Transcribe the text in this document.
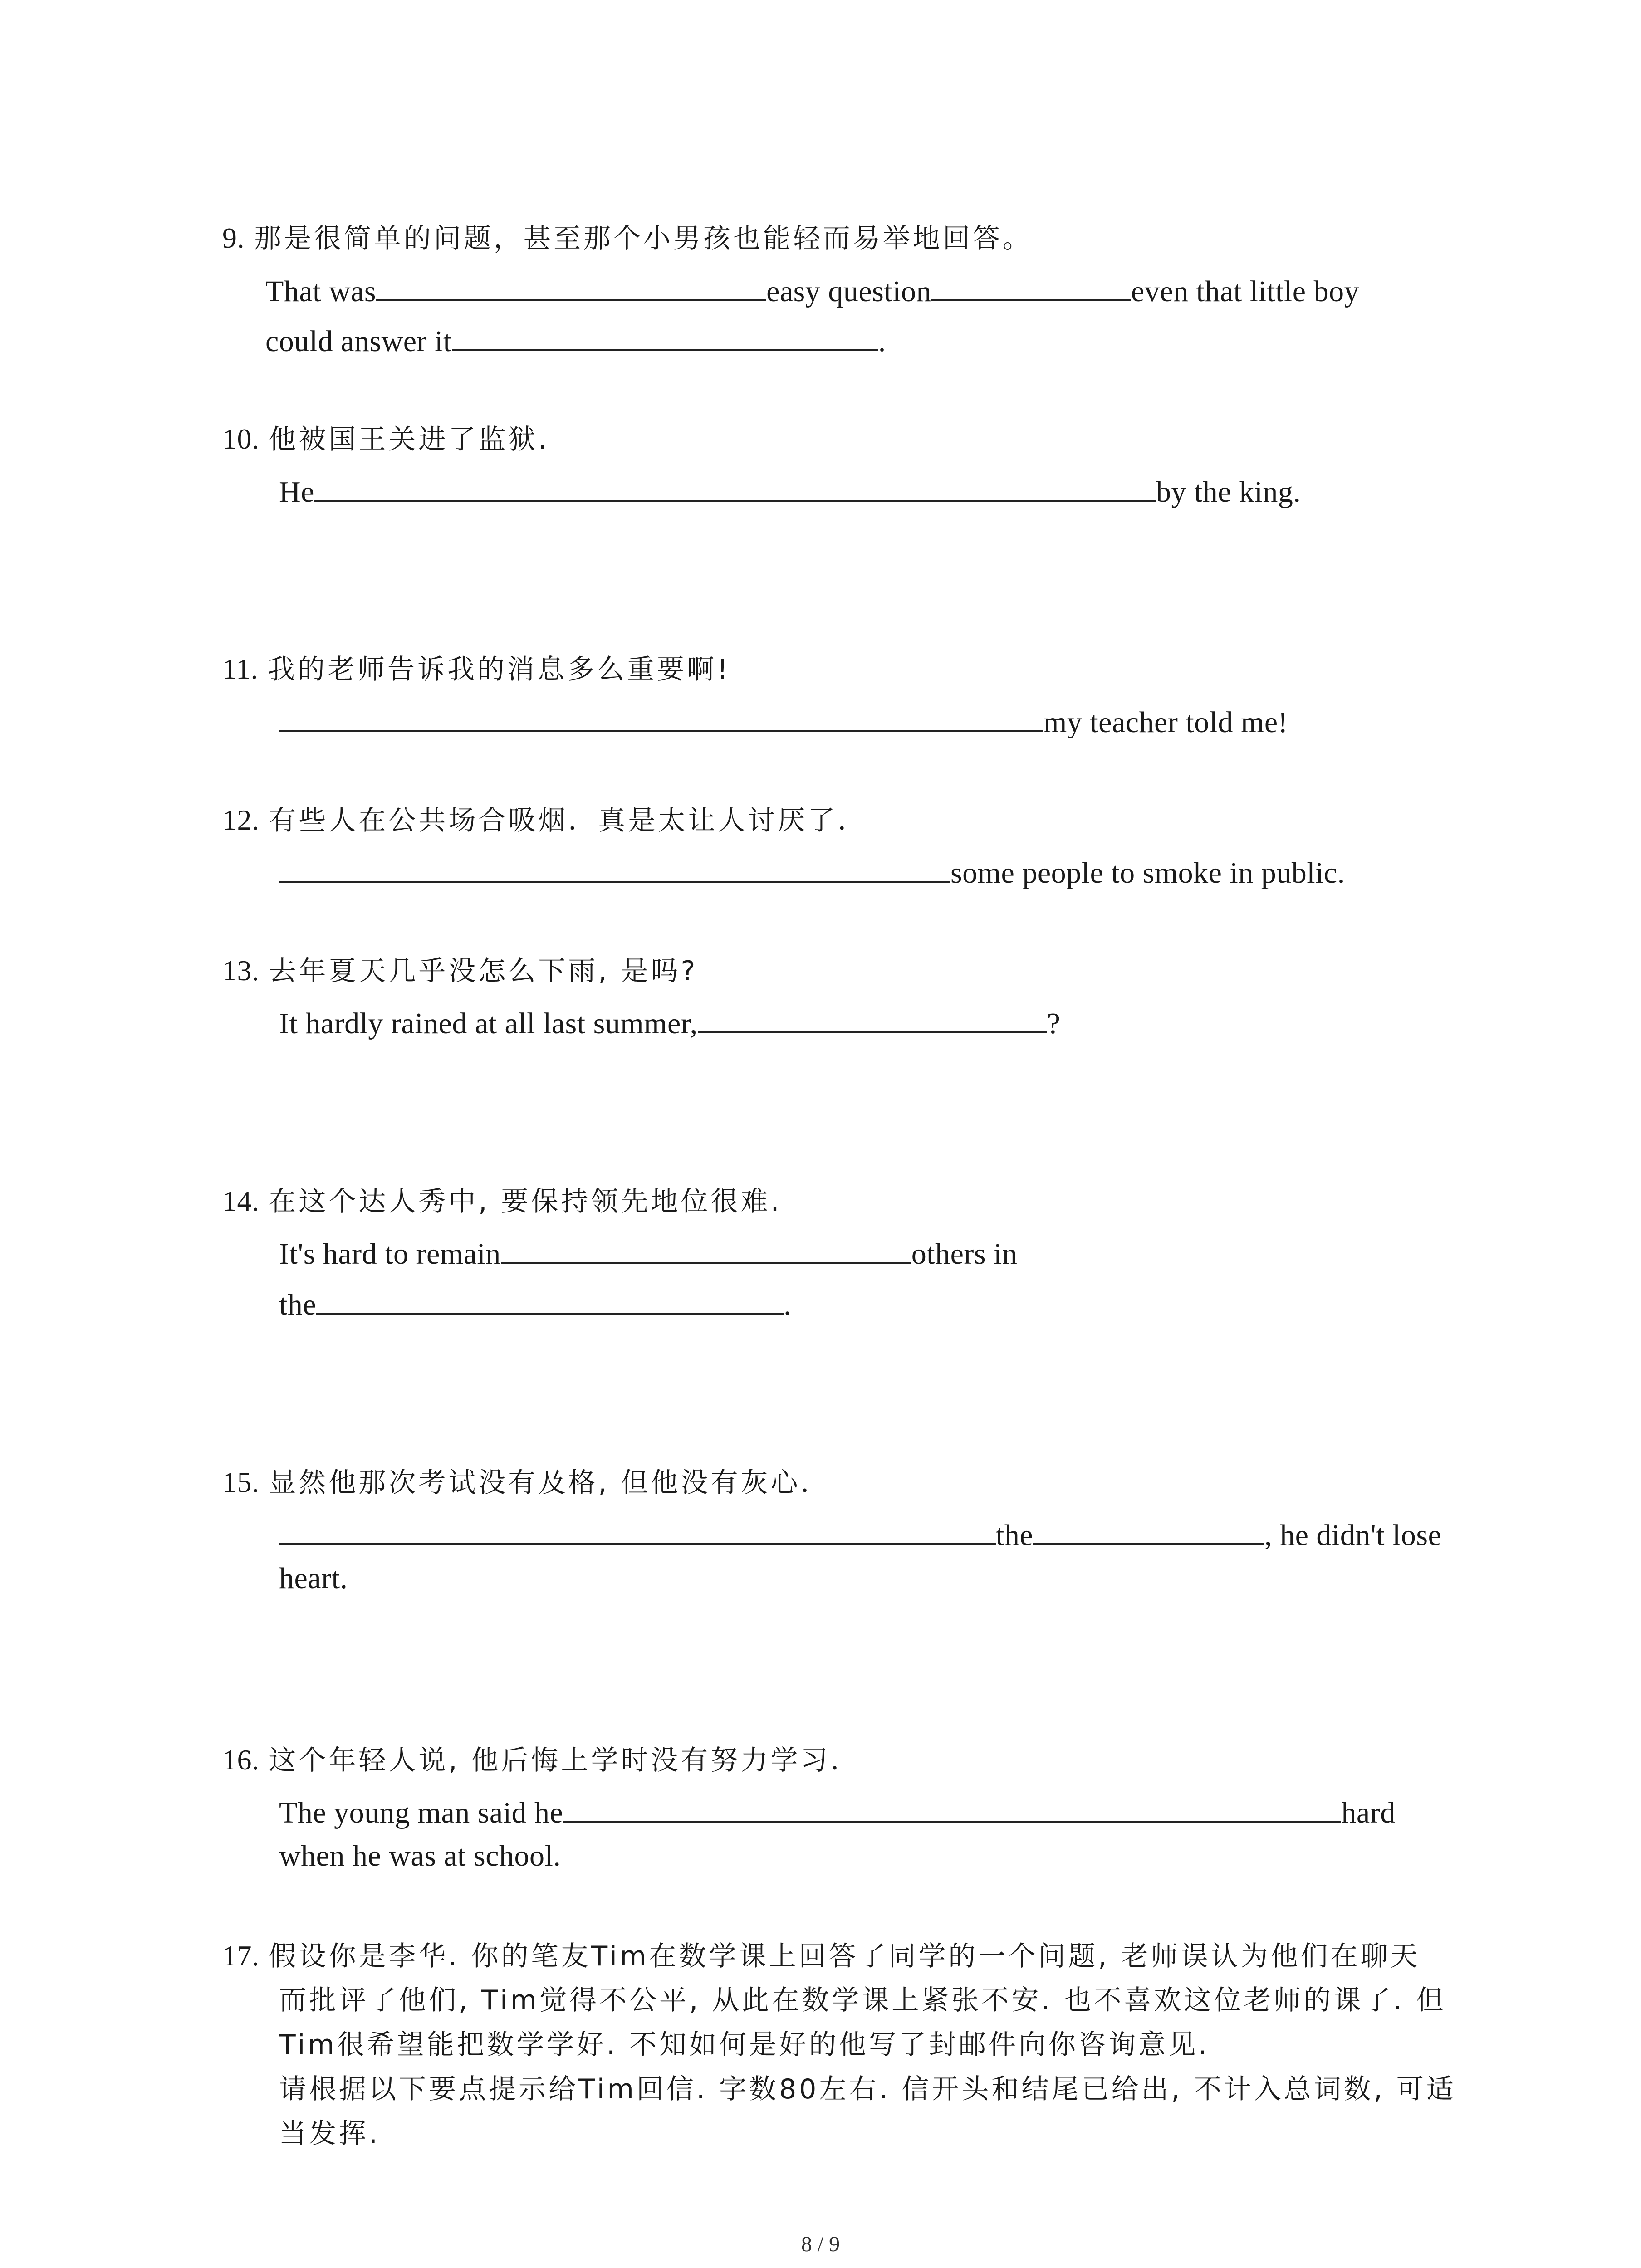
9. 那是很简单的问题，甚至那个小男孩也能轻而易举地回答。
That was	easy question	even that little boy
could answer it	.
10. 他被国王关进了监狱.
He	by the king.
11. 我的老师告诉我的消息多么重要啊!
my teacher told me!
12. 有些人在公共场合吸烟．真是太让人讨厌了．
some people to smoke in public.
13. 去年夏天几乎没怎么下雨, 是吗?
It hardly rained at all last summer,	?
14. 在这个达人秀中, 要保持领先地位很难.
It's hard to remain	others in
the	.
15. 显然他那次考试没有及格, 但他没有灰心．
the	, he didn't lose
heart.
16. 这个年轻人说, 他后悔上学时没有努力学习．
The young man said he	hard
when he was at school.
17. 假设你是李华. 你的笔友Tim在数学课上回答了同学的一个问题, 老师误认为他们在聊天
而批评了他们, Tim觉得不公平, 从此在数学课上紧张不安. 也不喜欢这位老师的课了. 但
Tim很希望能把数学学好. 不知如何是好的他写了封邮件向你咨询意见.
请根据以下要点提示给Tim回信. 字数80左右. 信开头和结尾已给出, 不计入总词数, 可适
当发挥.
8 / 9
